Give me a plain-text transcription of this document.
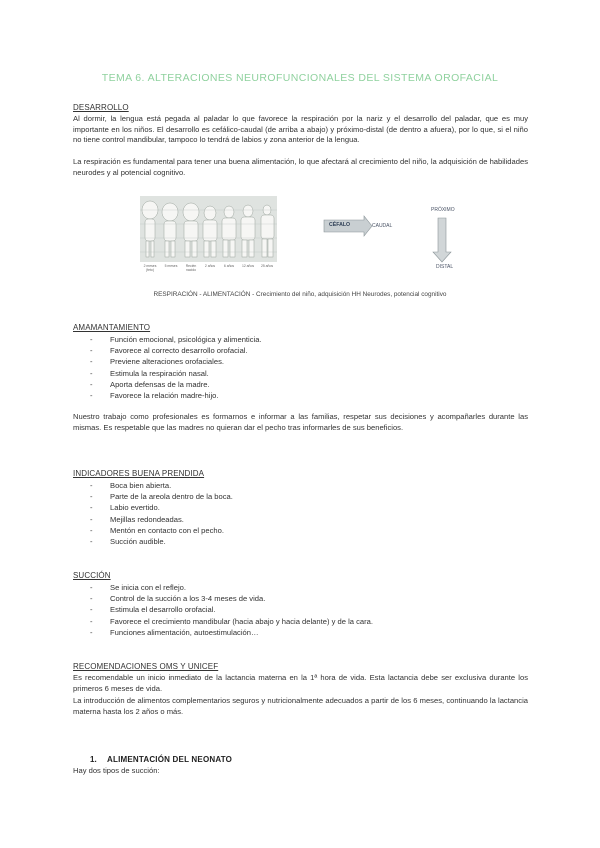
TEMA 6. ALTERACIONES NEUROFUNCIONALES DEL SISTEMA OROFACIAL
DESARROLLO
Al dormir, la lengua está pegada al paladar lo que favorece la respiración por la nariz y el desarrollo del paladar, que es muy importante en los niños. El desarrollo es cefálico-caudal (de arriba a abajo) y próximo-distal (de dentro a afuera), por lo que, si el niño no tiene control mandibular, tampoco lo tendrá de labios y zona anterior de la lengua.
La respiración es fundamental para tener una buena alimentación, lo que afectará al crecimiento del niño, la adquisición de habilidades neurodes y al potencial cognitivo.
2 meses (feto)
5 meses	Recién nacido
2 años	6 años	12 años 25 años
CÉFALO	CAUDAL
PRÓXIMO
DISTAL
RESPIRACIÓN - ALIMENTACIÓN - Crecimiento del niño, adquisición HH Neurodes, potencial cognitivo
AMAMANTAMIENTO
- Función emocional, psicológica y alimenticia.
- Favorece al correcto desarrollo orofacial.
- Previene alteraciones orofaciales.
- Estimula la respiración nasal.
- Aporta defensas de la madre.
- Favorece la relación madre-hijo.
Nuestro trabajo como profesionales es formarnos e informar a las familias, respetar sus decisiones y acompañarles durante las mismas. Es respetable que las madres no quieran dar el pecho tras informarles de sus beneficios.
INDICADORES BUENA PRENDIDA
- Boca bien abierta.
- Parte de la areola dentro de la boca.
- Labio evertido.
- Mejillas redondeadas.
- Mentón en contacto con el pecho.
- Succión audible.
SUCCIÓN
- Se inicia con el reflejo.
- Control de la succión a los 3-4 meses de vida.
- Estimula el desarrollo orofacial.
- Favorece el crecimiento mandibular (hacia abajo y hacia delante) y de la cara.
- Funciones alimentación, autoestimulación…
RECOMENDACIONES OMS Y UNICEF
Es recomendable un inicio inmediato de la lactancia materna en la 1ª hora de vida. Esta lactancia debe ser exclusiva durante los primeros 6 meses de vida.
La introducción de alimentos complementarios seguros y nutricionalmente adecuados a partir de los 6 meses, continuando la lactancia materna hasta los 2 años o más.
1. ALIMENTACIÓN DEL NEONATO
Hay dos tipos de succión:
